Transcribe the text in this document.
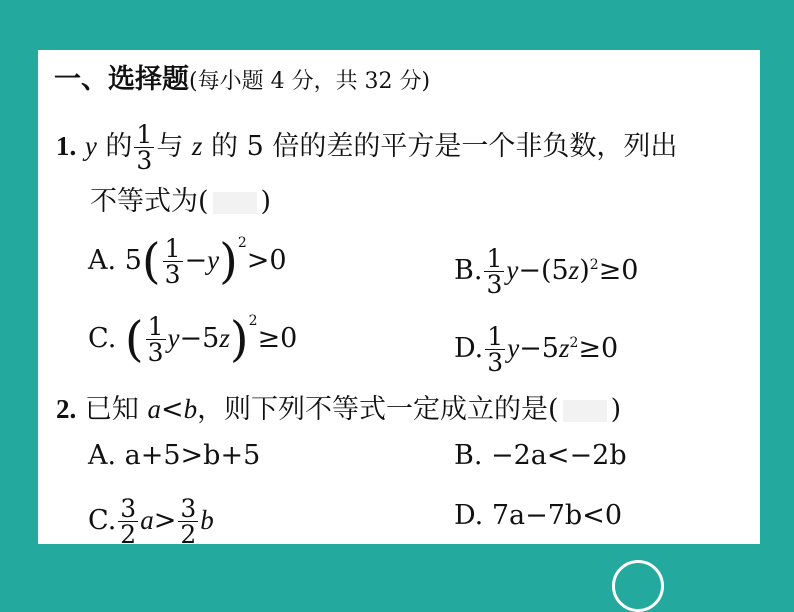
一、选择题(每小题 4 分，共 32 分)
1. y 的 $\frac{1}{3}$ 与 z 的 5 倍的差的平方是一个非负数，列出
不等式为( )
A. $5( \frac{1}{3} -y)^2>0$	B. $\frac{1}{3} y-(5z)^2\ge 0$
C. ( $\frac{1}{3} y-5z)^2\ge 0$	D. $\frac{1}{3} y-5z^2\ge 0$
2. 已知 a<b，则下列不等式一定成立的是( )
A. a+5>b+5	B. −2a<−2b
C. $\frac{3}{2} a> \frac{3}{2}$ b	D. 7a−7b<0
